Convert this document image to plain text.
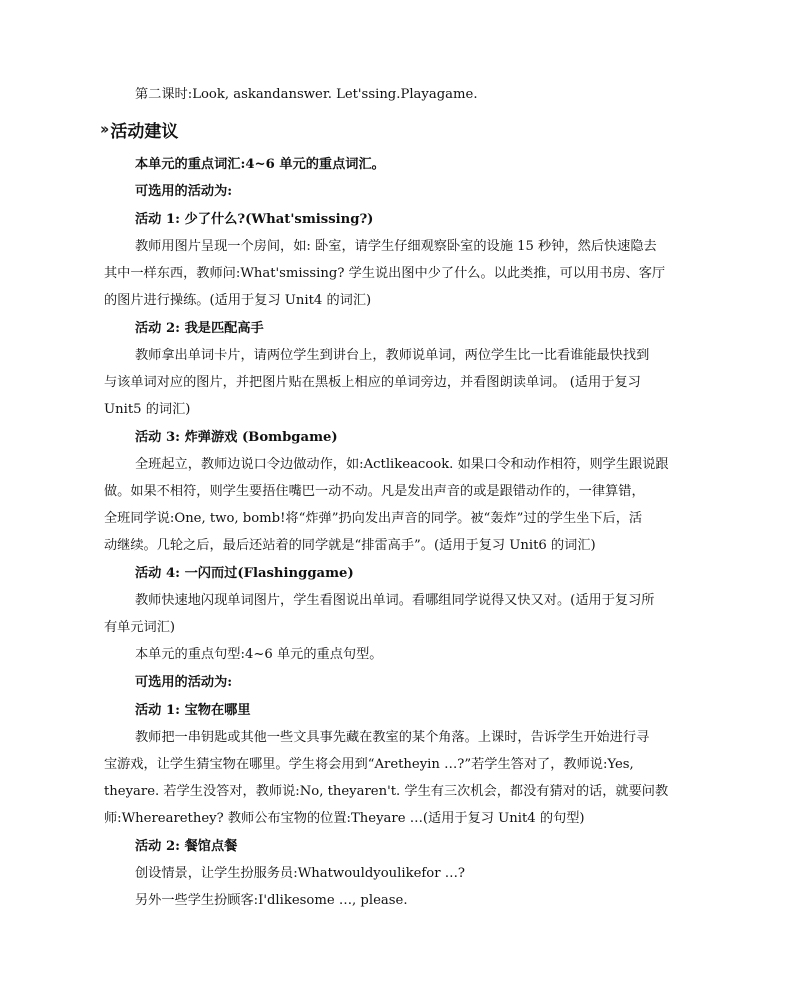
第二课时:Look, askandanswer. Let'ssing.Playagame.
›› 活动建议
本单元的重点词汇:4~6 单元的重点词汇。
可选用的活动为:
活动 1: 少了什么?(What'smissing?)
教师用图片呈现一个房间，如: 卧室，请学生仔细观察卧室的设施 15 秒钟，然后快速隐去
其中一样东西，教师问:What'smissing? 学生说出图中少了什么。以此类推，可以用书房、客厅
的图片进行操练。(适用于复习 Unit4 的词汇)
活动 2: 我是匹配高手
教师拿出单词卡片，请两位学生到讲台上，教师说单词，两位学生比一比看谁能最快找到
与该单词对应的图片，并把图片贴在黑板上相应的单词旁边，并看图朗读单词。 (适用于复习
Unit5 的词汇)
活动 3: 炸弹游戏 (Bombgame)
全班起立，教师边说口令边做动作，如:Actlikeacook. 如果口令和动作相符，则学生跟说跟
做。如果不相符，则学生要捂住嘴巴一动不动。凡是发出声音的或是跟错动作的，一律算错，
全班同学说:One, two, bomb!将“炸弹”扔向发出声音的同学。被“轰炸”过的学生坐下后，活
动继续。几轮之后，最后还站着的同学就是“排雷高手”。(适用于复习 Unit6 的词汇)
活动 4: 一闪而过(Flashinggame)
教师快速地闪现单词图片，学生看图说出单词。看哪组同学说得又快又对。(适用于复习所
有单元词汇)
本单元的重点句型:4~6 单元的重点句型。
可选用的活动为:
活动 1: 宝物在哪里
教师把一串钥匙或其他一些文具事先藏在教室的某个角落。上课时，告诉学生开始进行寻
宝游戏，让学生猜宝物在哪里。学生将会用到“Aretheyin …?”若学生答对了，教师说:Yes,
theyare. 若学生没答对，教师说:No, theyaren't. 学生有三次机会，都没有猜对的话，就要问教
师:Wherearethey? 教师公布宝物的位置:Theyare …(适用于复习 Unit4 的句型)
活动 2: 餐馆点餐
创设情景，让学生扮服务员:Whatwouldyoulikefor …?
另外一些学生扮顾客:I'dlikesome …, please.
